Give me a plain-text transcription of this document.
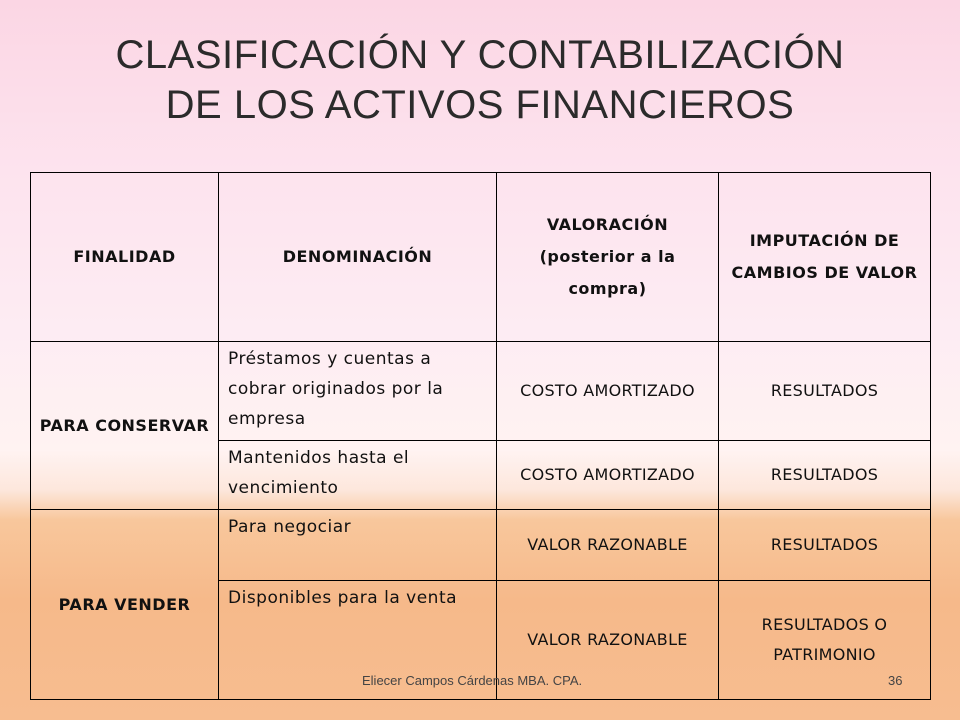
CLASIFICACIÓN Y CONTABILIZACIÓN
DE LOS ACTIVOS FINANCIEROS
FINALIDAD	DENOMINACIÓN	VALORACIÓN (posterior a la compra)	IMPUTACIÓN DE CAMBIOS DE VALOR
PARA CONSERVAR	Préstamos y cuentas a cobrar originados por la empresa	COSTO AMORTIZADO	RESULTADOS
	Mantenidos hasta el vencimiento	COSTO AMORTIZADO	RESULTADOS
PARA VENDER	Para negociar	VALOR RAZONABLE	RESULTADOS
	Disponibles para la venta	VALOR RAZONABLE	RESULTADOS O PATRIMONIO
Eliecer Campos Cárdenas MBA. CPA.	36
